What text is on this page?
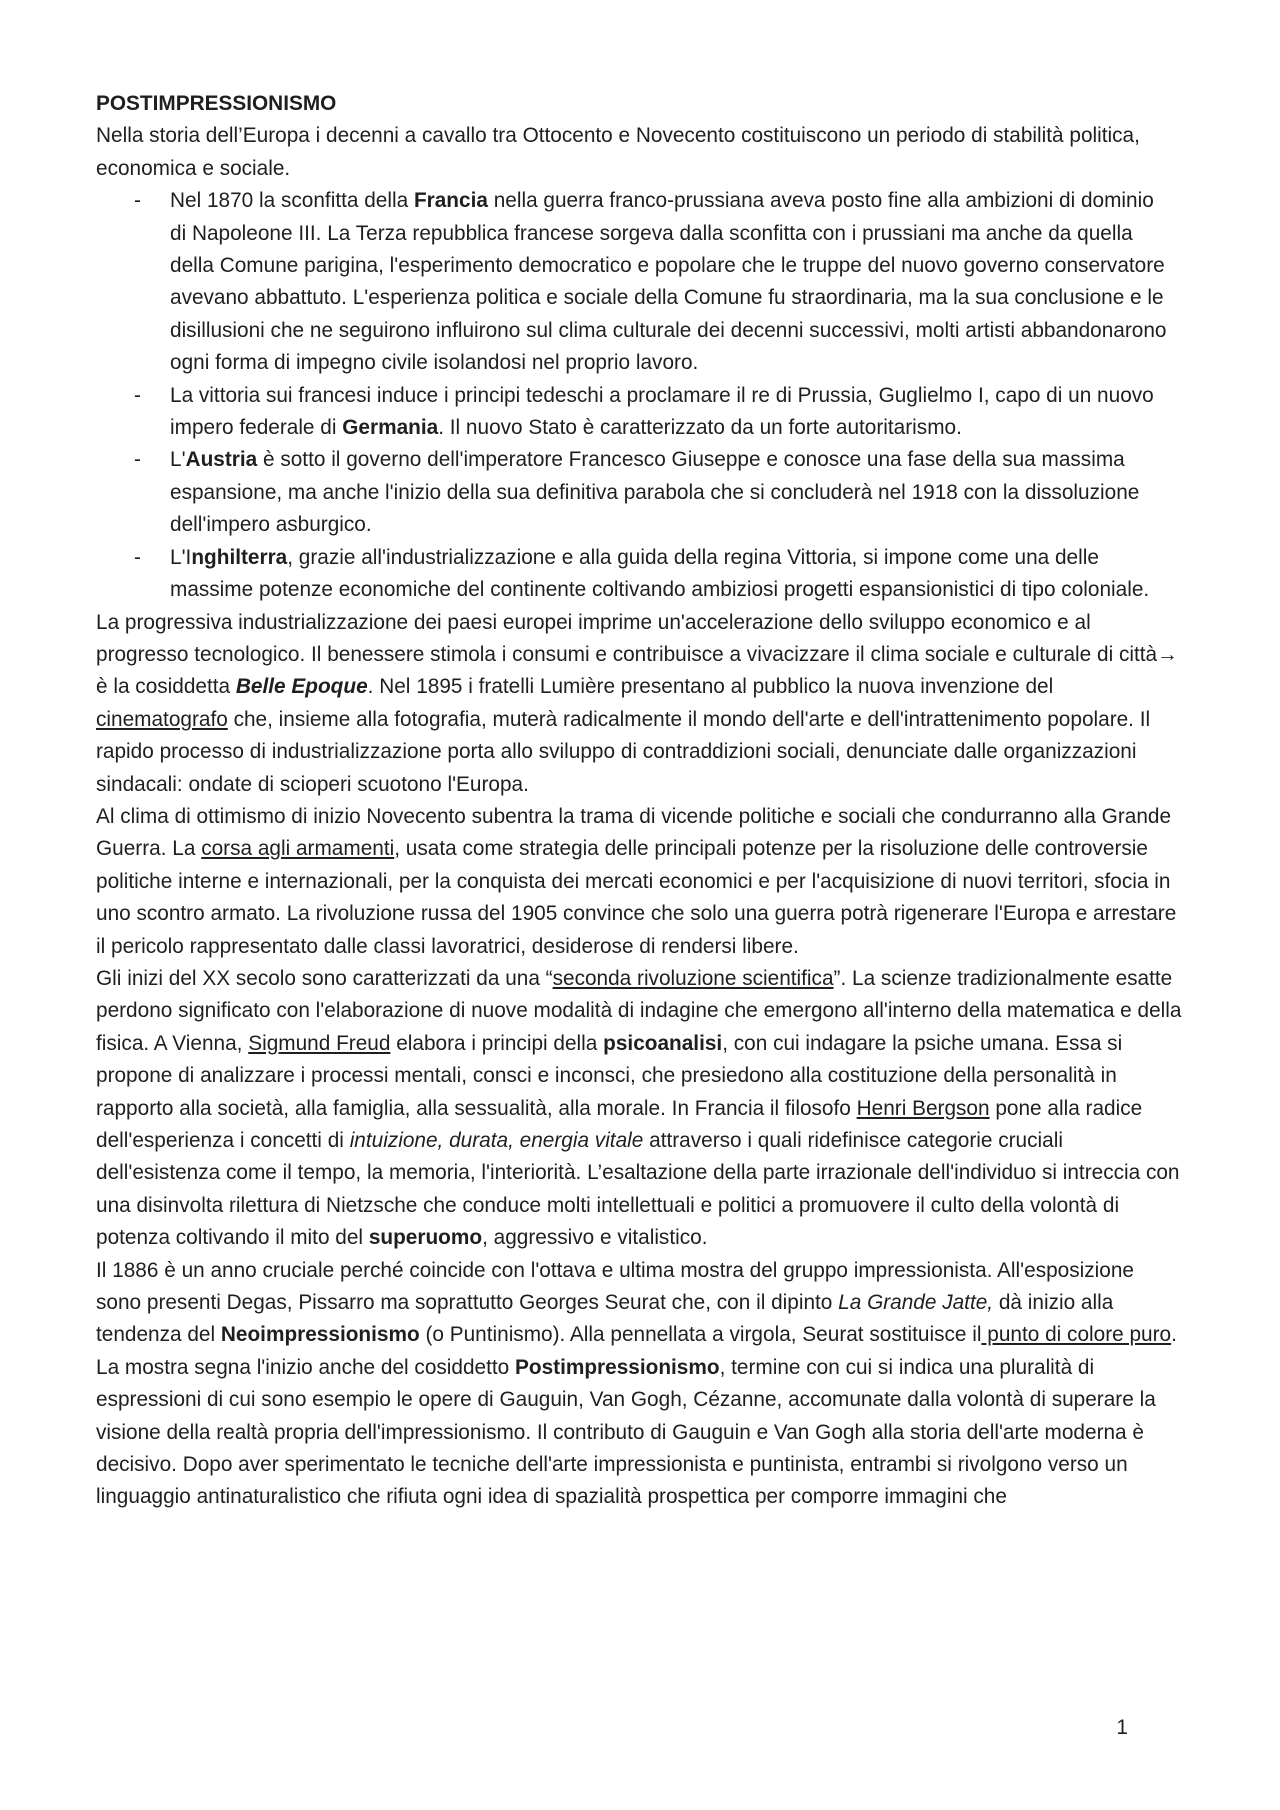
POSTIMPRESSIONISMO

Nella storia dell’Europa i decenni a cavallo tra Ottocento e Novecento costituiscono un periodo di stabilità politica, economica e sociale.

- Nel 1870 la sconfitta della Francia nella guerra franco-prussiana aveva posto fine alla ambizioni di dominio di Napoleone III. La Terza repubblica francese sorgeva dalla sconfitta con i prussiani ma anche da quella della Comune parigina, l'esperimento democratico e popolare che le truppe del nuovo governo conservatore avevano abbattuto. L'esperienza politica e sociale della Comune fu straordinaria, ma la sua conclusione e le disillusioni che ne seguirono influirono sul clima culturale dei decenni successivi, molti artisti abbandonarono ogni forma di impegno civile isolandosi nel proprio lavoro.
- La vittoria sui francesi induce i principi tedeschi a proclamare il re di Prussia, Guglielmo I, capo di un nuovo impero federale di Germania. Il nuovo Stato è caratterizzato da un forte autoritarismo.
- L'Austria è sotto il governo dell'imperatore Francesco Giuseppe e conosce una fase della sua massima espansione, ma anche l'inizio della sua definitiva parabola che si concluderà nel 1918 con la dissoluzione dell'impero asburgico.
- L'Inghilterra, grazie all'industrializzazione e alla guida della regina Vittoria, si impone come una delle massime potenze economiche del continente coltivando ambiziosi progetti espansionistici di tipo coloniale.

La progressiva industrializzazione dei paesi europei imprime un'accelerazione dello sviluppo economico e al progresso tecnologico. Il benessere stimola i consumi e contribuisce a vivacizzare il clima sociale e culturale di città→ è la cosiddetta Belle Epoque. Nel 1895 i fratelli Lumière presentano al pubblico la nuova invenzione del cinematografo che, insieme alla fotografia, muterà radicalmente il mondo dell'arte e dell'intrattenimento popolare. Il rapido processo di industrializzazione porta allo sviluppo di contraddizioni sociali, denunciate dalle organizzazioni sindacali: ondate di scioperi scuotono l'Europa.

Al clima di ottimismo di inizio Novecento subentra la trama di vicende politiche e sociali che condurranno alla Grande Guerra. La corsa agli armamenti, usata come strategia delle principali potenze per la risoluzione delle controversie politiche interne e internazionali, per la conquista dei mercati economici e per l'acquisizione di nuovi territori, sfocia in uno scontro armato. La rivoluzione russa del 1905 convince che solo una guerra potrà rigenerare l'Europa e arrestare il pericolo rappresentato dalle classi lavoratrici, desiderose di rendersi libere.

Gli inizi del XX secolo sono caratterizzati da una “seconda rivoluzione scientifica”. La scienze tradizionalmente esatte perdono significato con l'elaborazione di nuove modalità di indagine che emergono all'interno della matematica e della fisica. A Vienna, Sigmund Freud elabora i principi della psicoanalisi, con cui indagare la psiche umana. Essa si propone di analizzare i processi mentali, consci e inconsci, che presiedono alla costituzione della personalità in rapporto alla società, alla famiglia, alla sessualità, alla morale. In Francia il filosofo Henri Bergson pone alla radice dell'esperienza i concetti di intuizione, durata, energia vitale attraverso i quali ridefinisce categorie cruciali dell'esistenza come il tempo, la memoria, l'interiorità. L’esaltazione della parte irrazionale dell'individuo si intreccia con una disinvolta rilettura di Nietzsche che conduce molti intellettuali e politici a promuovere il culto della volontà di potenza coltivando il mito del superuomo, aggressivo e vitalistico.

Il 1886 è un anno cruciale perché coincide con l'ottava e ultima mostra del gruppo impressionista. All'esposizione sono presenti Degas, Pissarro ma soprattutto Georges Seurat che, con il dipinto La Grande Jatte, dà inizio alla tendenza del Neoimpressionismo (o Puntinismo). Alla pennellata a virgola, Seurat sostituisce il punto di colore puro. La mostra segna l'inizio anche del cosiddetto Postimpressionismo, termine con cui si indica una pluralità di espressioni di cui sono esempio le opere di Gauguin, Van Gogh, Cézanne, accomunate dalla volontà di superare la visione della realtà propria dell'impressionismo. Il contributo di Gauguin e Van Gogh alla storia dell'arte moderna è decisivo. Dopo aver sperimentato le tecniche dell'arte impressionista e puntinista, entrambi si rivolgono verso un linguaggio antinaturalistico che rifiuta ogni idea di spazialità prospettica per comporre immagini che

1
